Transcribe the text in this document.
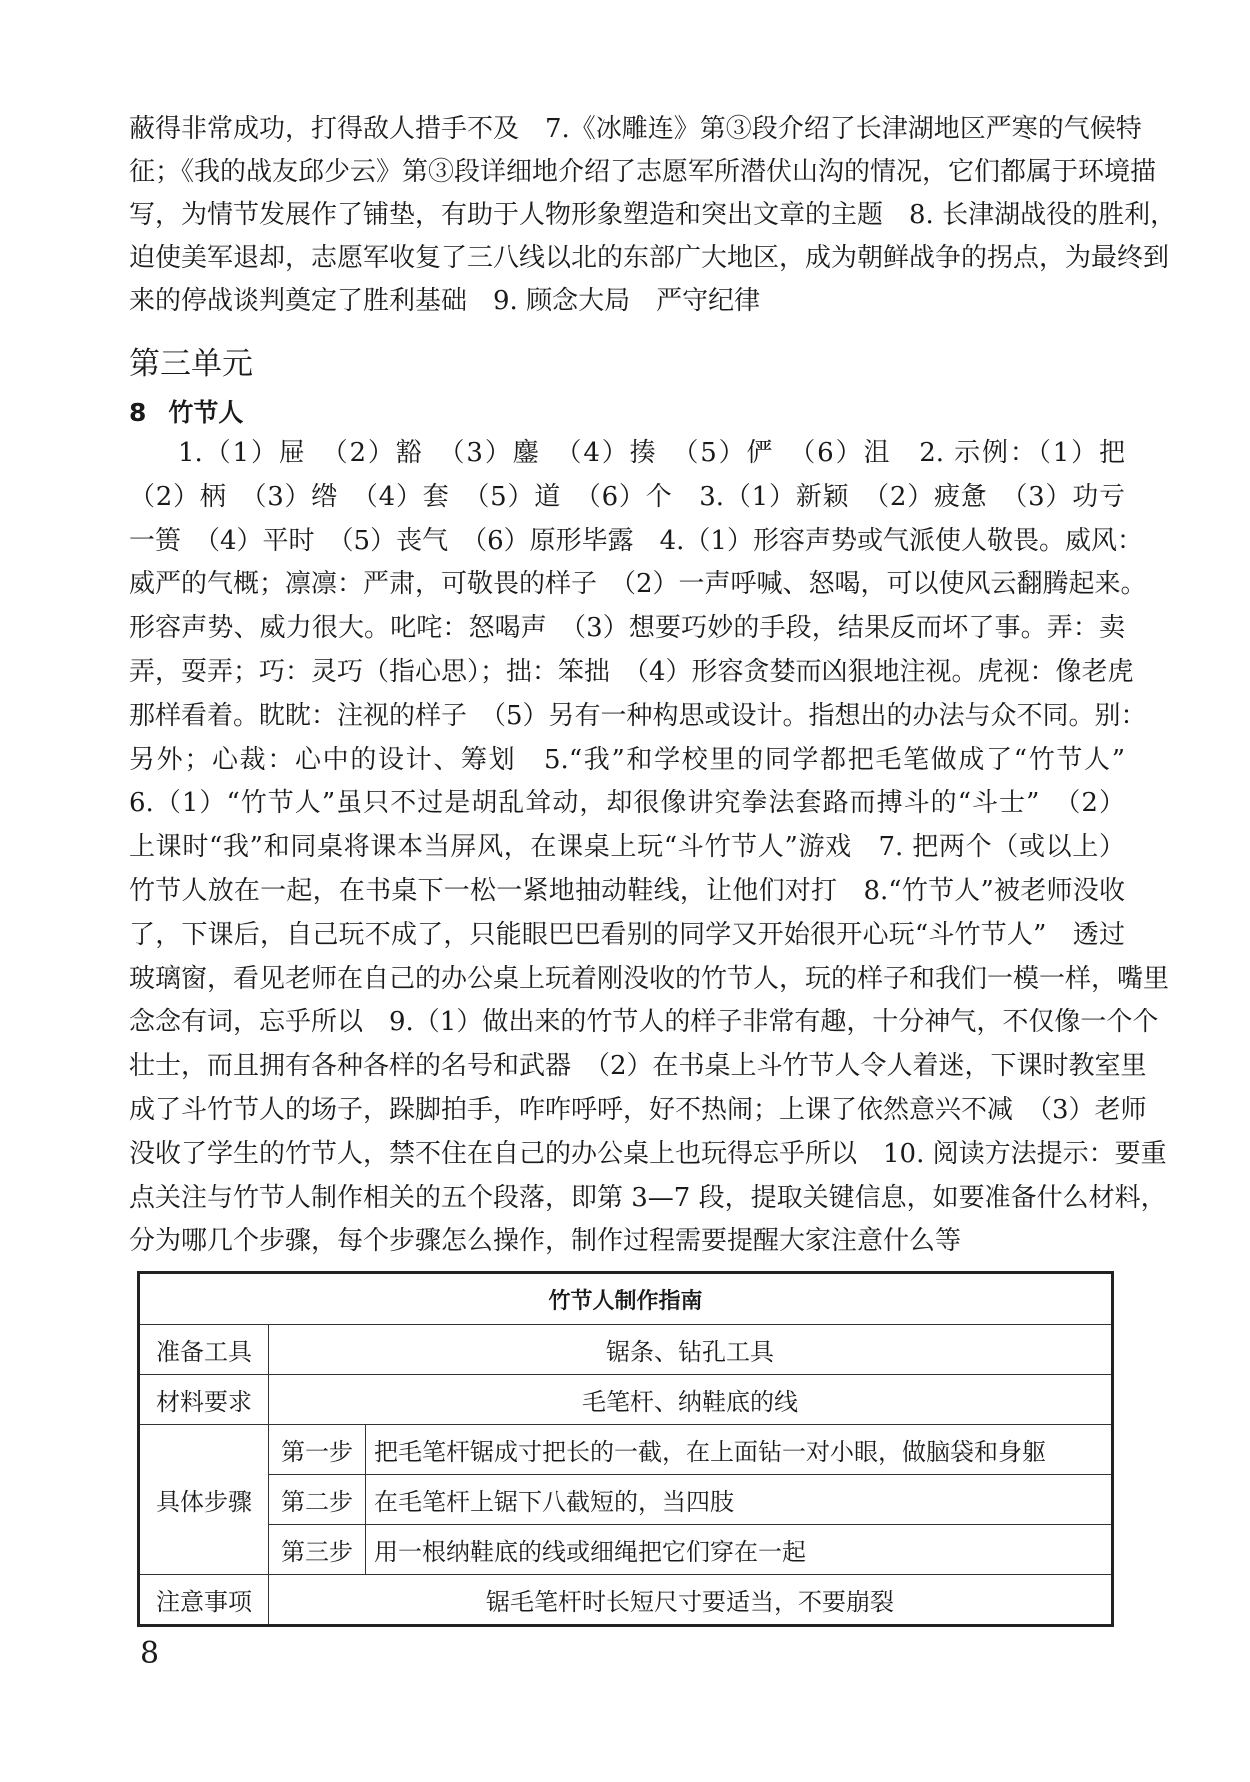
蔽得非常成功，打得敌人措手不及　7.《冰雕连》第③段介绍了长津湖地区严寒的气候特
征；《我的战友邱少云》第③段详细地介绍了志愿军所潜伏山沟的情况，它们都属于环境描
写，为情节发展作了铺垫，有助于人物形象塑造和突出文章的主题　8. 长津湖战役的胜利，
迫使美军退却，志愿军收复了三八线以北的东部广大地区，成为朝鲜战争的拐点，为最终到
来的停战谈判奠定了胜利基础　9. 顾念大局　严守纪律
第三单元
8 竹节人
1.（1）屉　（2）豁　（3）鏖　（4）揍　（5）俨　（6）沮　2. 示例：（1）把
（2）柄　（3）绺　（4）套　（5）道　（6）个　3.（1）新颖　（2）疲惫　（3）功亏
一篑　（4）平时　（5）丧气　（6）原形毕露　4.（1）形容声势或气派使人敬畏。威风：
威严的气概；凛凛：严肃，可敬畏的样子　（2）一声呼喊、怒喝，可以使风云翻腾起来。
形容声势、威力很大。叱咤：怒喝声　（3）想要巧妙的手段，结果反而坏了事。弄：卖
弄，耍弄；巧：灵巧（指心思）；拙：笨拙　（4）形容贪婪而凶狠地注视。虎视：像老虎
那样看着。眈眈：注视的样子　（5）另有一种构思或设计。指想出的办法与众不同。别：
另外；心裁：心中的设计、筹划　5.“我”和学校里的同学都把毛笔做成了“竹节人”
6.（1）“竹节人”虽只不过是胡乱耸动，却很像讲究拳法套路而搏斗的“斗士”　（2）
上课时“我”和同桌将课本当屏风，在课桌上玩“斗竹节人”游戏　7. 把两个（或以上）
竹节人放在一起，在书桌下一松一紧地抽动鞋线，让他们对打　8.“竹节人”被老师没收
了，下课后，自己玩不成了，只能眼巴巴看别的同学又开始很开心玩“斗竹节人”　透过
玻璃窗，看见老师在自己的办公桌上玩着刚没收的竹节人，玩的样子和我们一模一样，嘴里
念念有词，忘乎所以　9.（1）做出来的竹节人的样子非常有趣，十分神气，不仅像一个个
壮士，而且拥有各种各样的名号和武器　（2）在书桌上斗竹节人令人着迷，下课时教室里
成了斗竹节人的场子，跺脚拍手，咋咋呼呼，好不热闹；上课了依然意兴不减　（3）老师
没收了学生的竹节人，禁不住在自己的办公桌上也玩得忘乎所以　10. 阅读方法提示：要重
点关注与竹节人制作相关的五个段落，即第 3—7 段，提取关键信息，如要准备什么材料，
分为哪几个步骤，每个步骤怎么操作，制作过程需要提醒大家注意什么等
竹节人制作指南		
准备工具	锯条、钻孔工具	
材料要求	毛笔杆、纳鞋底的线	
具体步骤	第一步	把毛笔杆锯成寸把长的一截，在上面钻一对小眼，做脑袋和身躯
	第二步	在毛笔杆上锯下八截短的，当四肢
	第三步	用一根纳鞋底的线或细绳把它们穿在一起
注意事项	锯毛笔杆时长短尺寸要适当，不要崩裂	
8
